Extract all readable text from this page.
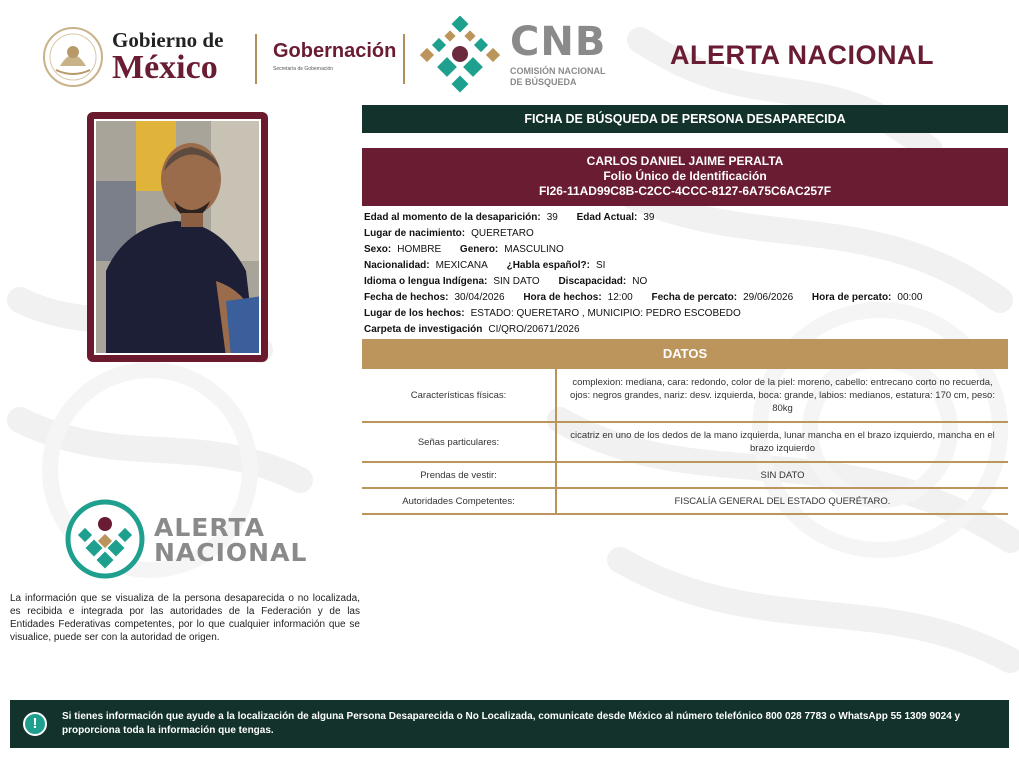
Gobierno de
México	Gobernación
Secretaría de Gobernación
CNB
COMISIÓN NACIONAL
DE BÚSQUEDA
ALERTA NACIONAL
FICHA DE BÚSQUEDA DE PERSONA DESAPARECIDA
CARLOS DANIEL JAIME PERALTA
Folio Único de Identificación
FI26-11AD99C8B-C2CC-4CCC-8127-6A75C6AC257F
Edad al momento de la desaparición: 39 Edad Actual: 39
Lugar de nacimiento: QUERETARO
Sexo: HOMBRE Genero: MASCULINO
Nacionalidad: MEXICANA ¿Habla español?: SI
Idioma o lengua Indígena: SIN DATO Discapacidad: NO
Fecha de hechos: 30/04/2026 Hora de hechos: 12:00 Fecha de percato: 29/06/2026 Hora de percato: 00:00
Lugar de los hechos: ESTADO: QUERETARO , MUNICIPIO: PEDRO ESCOBEDO
Carpeta de investigación CI/QRO/20671/2026
DATOS
Características físicas:	complexion: mediana, cara: redondo, color de la piel: moreno, cabello: entrecano corto no recuerda, ojos: negros grandes, nariz: desv. izquierda, boca: grande, labios: medianos, estatura: 170 cm, peso: 80kg
Señas particulares:	cicatriz en uno de los dedos de la mano izquierda, lunar mancha en el brazo izquierdo, mancha en el brazo izquierdo
Prendas de vestir:	SIN DATO
Autoridades Competentes:	FISCALÍA GENERAL DEL ESTADO QUERÉTARO.
ALERTA
NACIONAL
La información que se visualiza de la persona desaparecida o no localizada, es recibida e integrada por las autoridades de la Federación y de las Entidades Federativas competentes, por lo que cualquier información que se visualice, puede ser con la autoridad de origen.
!	Si tienes información que ayude a la localización de alguna Persona Desaparecida o No Localizada, comunicate desde México al número telefónico 800 028 7783 o WhatsApp 55 1309 9024 y proporciona toda la información que tengas.
